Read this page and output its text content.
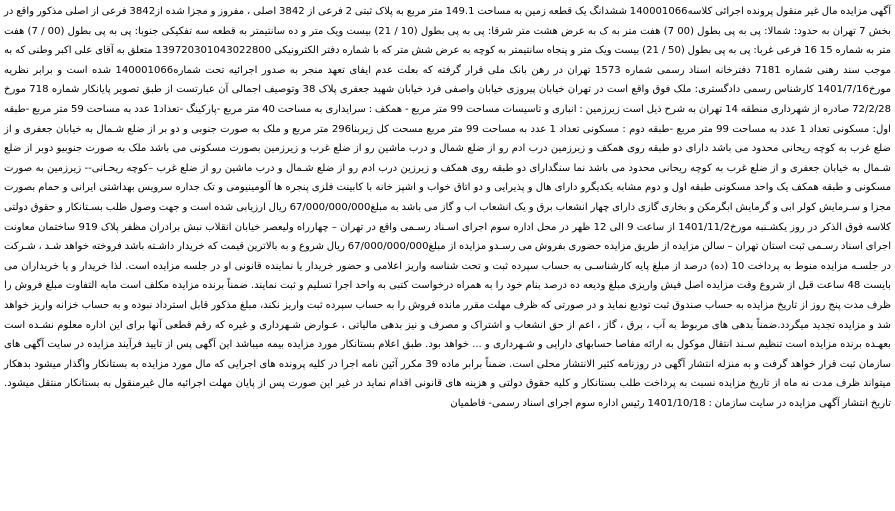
آگهی مزایده مال غیر منقول پرونده اجرائی کلاسه140001066 ششدانگ یک قطعه زمین به مساحت 149.1 متر مربع به پلاک ثبتی 2 فرعی از 3842 اصلی ، مفروز و مجزا شده از3842 فرعی از اصلی مذکور واقع در بخش 7 تهران به حدود: شمالا: پی به پی بطول (00 7) هفت متر به ک به عرض هشت متر شرقا: پی به پی بطول (10 / 21) بیست ویک متر و ده سانتیمتر به قطعه سه تفکیکی جنوبا: پی به پی بطول (00 / 7) هفت متر به شماره 15 16 فرعی غربا: پی به پی بطول (50 / 21) بیست ویک متر و پنجاه سانتیمتر به کوچه به عرض شش متر که با شماره دفتر الکترونیکی 139720301043022800 متعلق به آقای علی اکبر وطنی که به موجب سند رهنی شماره 7181 دفترخانه اسناد رسمی شماره 1573 تهران در رهن بانک ملی قرار گرفته که بعلت عدم ایفای تعهد منجر به صدور اجرائیه تحت شماره140001066 شده است و برابر نظریه مورخ1401/7/16 کارشناس رسمی دادگستری: ملک فوق واقع است در تهران خیابان پیروزی خیابان واصفی فرد خیابان شهید جعفری پلاک 38 وتوصیف اجمالی آن عبارتست از طبق تصویر پایانکار شماره 718 مورخ 72/2/28 صادره از شهرداری منطقه 14 تهران به شرح ذیل است زیرزمین : انباری و تاسیسات مساحت 99 متر مربع - همکف : سرایداری به مساحت 40 متر مربع -پارکینگ -تعداد1 عدد به مساحت 59 متر مربع -طبقه اول: مسکونی تعداد 1 عدد به مساحت 99 متر مربع -طبقه دوم : مسکونی تعداد 1 عدد به مساحت 99 متر مربع مسحت کل زیربنا296 متر مربع و ملک به صورت جنوبی و دو بر از ضلع شـمال به خیابان جعفری و از ضلع غرب به کوچه ریحانی محدود می باشد دارای دو طبقه روی همکف و زیرزمین درب ادم رو از ضلع شمال و درب ماشین رو از ضلع غرب و زیرزمین بصورت مسکونی می باشد ملک به صورت جنوبیو دوبر از ضلع شـمال به خیابان جعفری و از ضلع غرب به کوچه ریحانی محدود می باشد نما سنگدارای دو طبقه روی همکف و زیرزین درب ادم رو از ضلع شـمال و درب ماشین رو از ضلع غرب –کوچه ریحـانی-- زیرزمین به صورت مسکونی و طبقه همکف یک واحد مسکونی طبقه اول و دوم مشابه یکدیگرو دارای هال و پذیرایی و دو اتاق خواب و اشپز خانه با کابینت فلزی پنجره ها آلومینیومی و تک جداره سرویس بهداشتی ایرانی و حمام بصورت مجزا و سـرمایش کولر ابی و گرمایش ابگرمکن و بخاری گازی دارای چهار انشعاب برق و یک انشعاب اب و گاز می باشد به مبلغ67/000/000/000 ریال ارزیابی شده است و جهت وصول طلب بسـتانکار و حقوق دولتی کلاسه فوق الذکر در روز یکشـنبه مورخ1401/11/2 از ساعت 9 الی 12 ظهر در محل اداره سوم اجرای اسـناد رسـمی واقع در تهران – چهارراه ولیعصر خیابان انقلاب نبش برادران مظفر پلاک 919 ساختمان معاونت اجرای اسناد رسـمی ثبت استان تهران – سالن مزایده از طریق مزایده حضوری بفروش می رسـدو مزایده از مبلغ67/000/000/000 ریال شروع و به بالاترین قیمت که خریدار داشـته باشد فروخته خواهد شـد ، شـرکت در جلسـه مزایده منوط به پرداخت 10 (ده) درصد از مبلغ پایه کارشناسـی به حساب سپرده ثبت و تحت شناسه واریز اعلامی و حضور خریدار یا نماینده قانونی او در جلسه مزایده است. لذا خریدار و یا خریداران می بایست 48 ساعت قبل از شروع وقت مزایده اصل فیش واریزی مبلغ ودیعه ده درصد بنام خود را به همراه درخواست کتبی به واحد اجرا تسلیم و ثبت نمایند. ضمناً برنده مزایده مکلف است مابه التفاوت مبلغ فروش را ظرف مدت پنج روز از تاریخ مزایده به حساب صندوق ثبت تودیع نماید و در صورتی که ظرف مهلت مقرر مانده فروش را به حساب سپرده ثبت واریز نکند، مبلغ مذکور قابل استرداد نبوده و به حساب خزانه واریز خواهد شد و مزایده تجدید میگردد.ضمناً بدهی های مربوط به آب ، برق ، گاز ، اعم از حق انشعاب و اشتراک و مصرف و نیز بدهی مالیاتی ، عـوارض شـهرداری و غیره که رقم قطعی آنها برای این اداره معلوم نشـده است بعهـده برنده مزایده است تنظیم سـند انتقال موکول به ارائه مفاصا حسابهای دارایی و شـهرداری و ... خواهد بود. طبق اعلام بستانکار مورد مزایده بیمه میباشد این آگهی پس از تایید فرآیند مزایده در سایت آگهی های سازمان ثبت قرار خواهد گرفت و به منزله انتشار آگهی در روزنامه کثیر الانتشار محلی است. ضمناً برابر ماده 39 مکرر آئین نامه اجرا در کلیه پرونده های اجرایی که مال مورد مزایده به بستانکار واگذار میشود بدهکار میتواند ظرف مدت نه ماه از تاریخ مزایده نسبت به پرداخت طلب بستانکار و کلیه حقوق دولتی و هزینه های قانونی اقدام نماید در غیر این صورت پس از پایان مهلت اجرائیه مال غیرمنقول به بستانکار منتقل میشود. تاریخ انتشار آگهی مزایده در سایت سازمان : 1401/10/18 رئیس اداره سوم اجرای اسناد رسمی- فاطمیان
